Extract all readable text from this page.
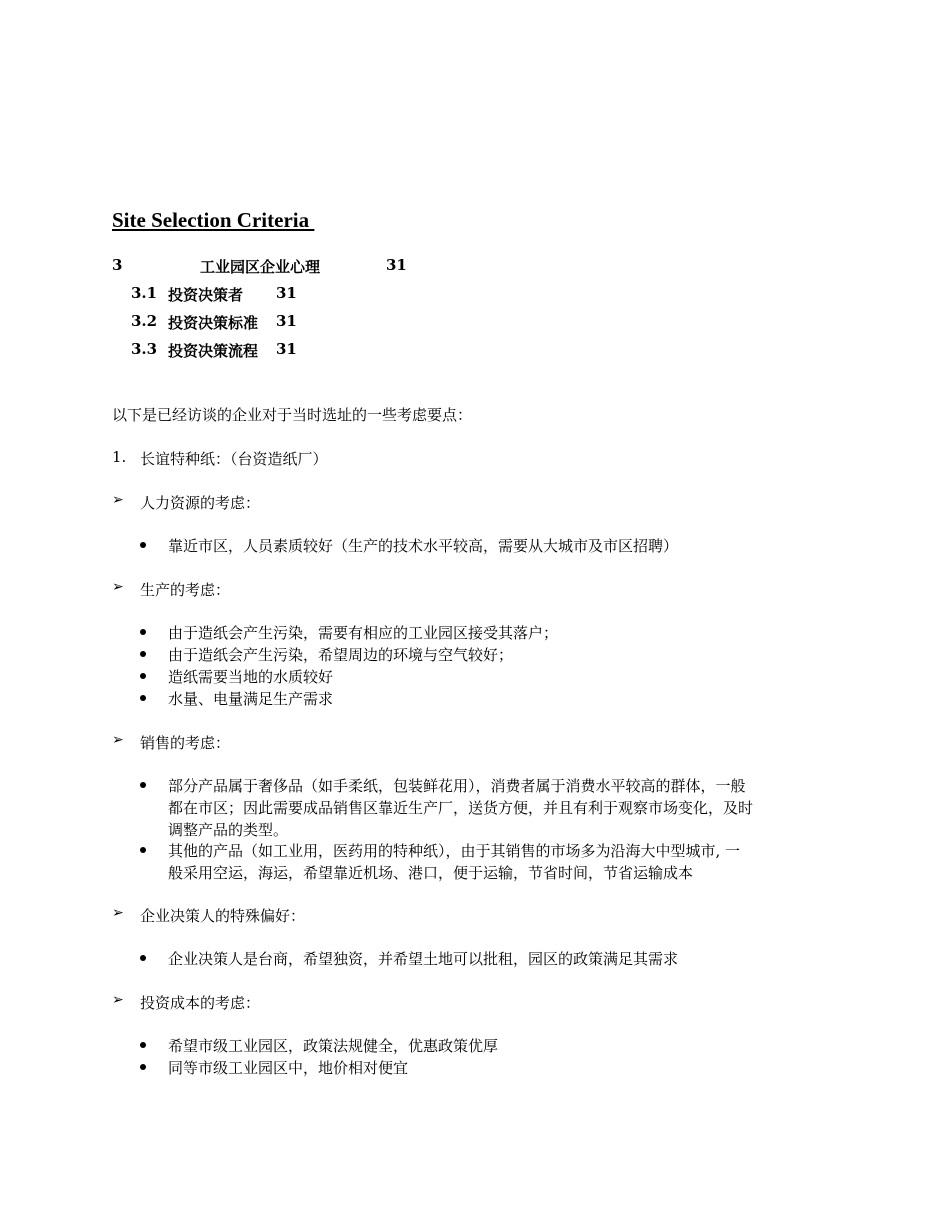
Site Selection Criteria
3	工业园区企业心理	31
3.1 投资决策者 31
3.2 投资决策标准 31
3.3 投资决策流程 31
以下是已经访谈的企业对于当时选址的一些考虑要点：
1. 长谊特种纸：（台资造纸厂）
➢ 人力资源的考虑：
靠近市区，人员素质较好（生产的技术水平较高，需要从大城市及市区招聘）
➢ 生产的考虑：
由于造纸会产生污染，需要有相应的工业园区接受其落户；
由于造纸会产生污染，希望周边的环境与空气较好；
造纸需要当地的水质较好
水量、电量满足生产需求
➢ 销售的考虑：
部分产品属于奢侈品（如手柔纸，包装鲜花用），消费者属于消费水平较高的群体，一般
都在市区；因此需要成品销售区靠近生产厂，送货方便，并且有利于观察市场变化，及时
调整产品的类型。
其他的产品（如工业用，医药用的特种纸），由于其销售的市场多为沿海大中型城市, 一
般采用空运，海运，希望靠近机场、港口，便于运输，节省时间，节省运输成本
➢ 企业决策人的特殊偏好：
企业决策人是台商，希望独资，并希望土地可以批租，园区的政策满足其需求
➢ 投资成本的考虑：
希望市级工业园区，政策法规健全，优惠政策优厚
同等市级工业园区中，地价相对便宜
